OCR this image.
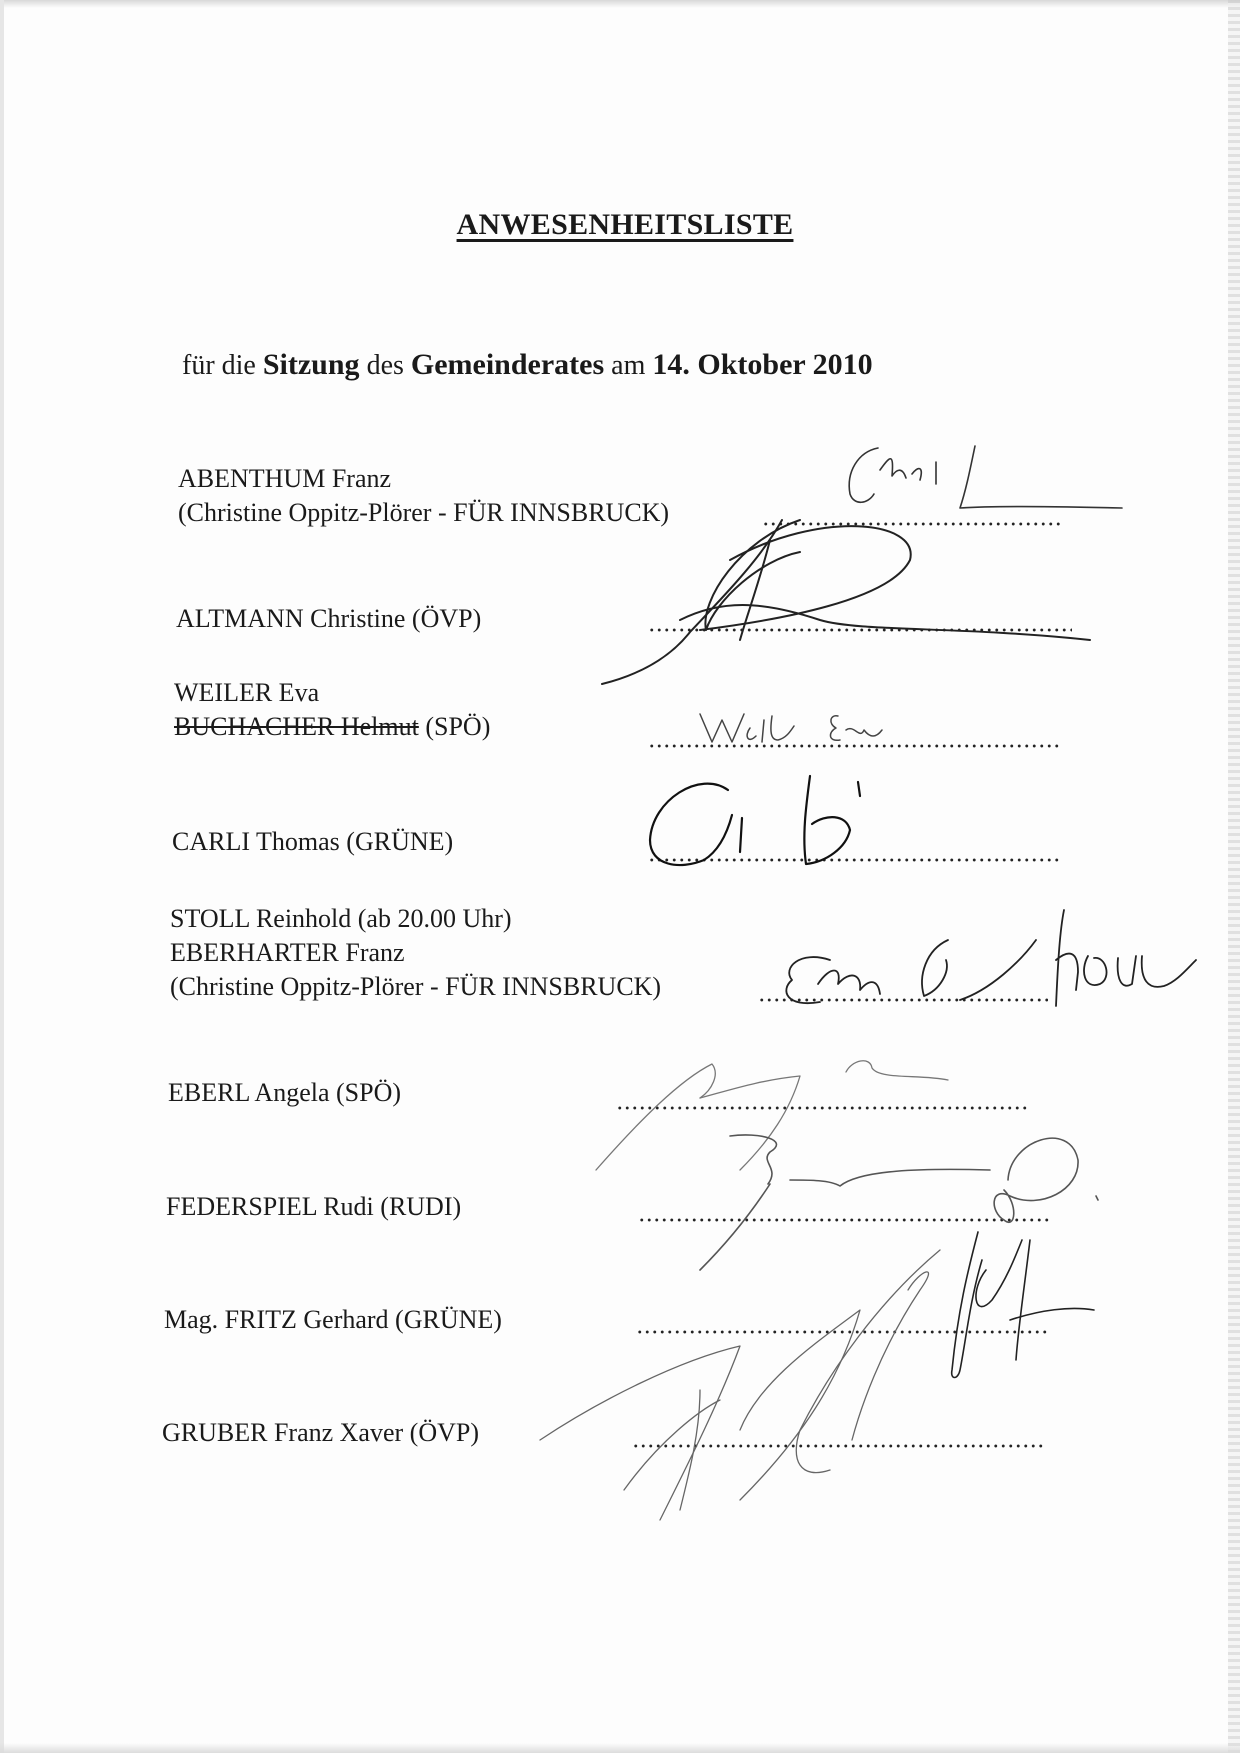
ANWESENHEITSLISTE
für die Sitzung des Gemeinderates am 14. Oktober 2010
ABENTHUM Franz
(Christine Oppitz-Plörer - FÜR INNSBRUCK)
ALTMANN Christine (ÖVP)
WEILER Eva
BUCHACHER Helmut (SPÖ)
CARLI Thomas (GRÜNE)
STOLL Reinhold (ab 20.00 Uhr)
EBERHARTER Franz
(Christine Oppitz-Plörer - FÜR INNSBRUCK)
EBERL Angela (SPÖ)
FEDERSPIEL Rudi (RUDI)
Mag. FRITZ Gerhard (GRÜNE)
GRUBER Franz Xaver (ÖVP)
